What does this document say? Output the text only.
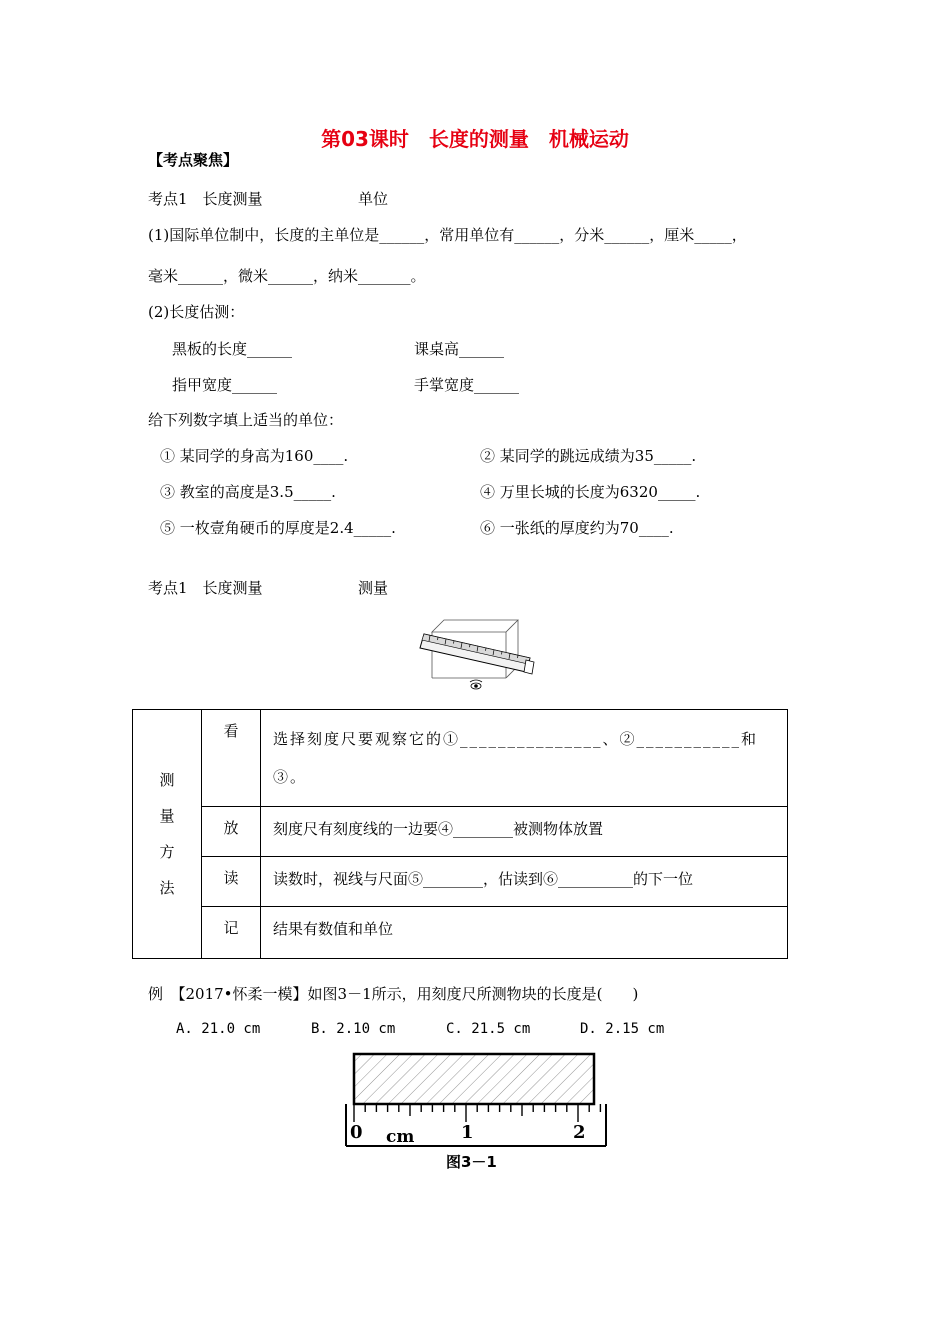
第03课时　长度的测量　机械运动
【考点聚焦】
考点1　长度测量	单位
(1)国际单位制中，长度的主单位是______，常用单位有______，分米______，厘米_____，
毫米______，微米______，纳米_______。
(2)长度估测：
黑板的长度______	课桌高______
指甲宽度______	手掌宽度______
给下列数字填上适当的单位：
① 某同学的身高为160____.	② 某同学的跳远成绩为35_____.
③ 教室的高度是3.5_____.	④ 万里长城的长度为6320_____.
⑤ 一枚壹角硬币的厚度是2.4_____.	⑥ 一张纸的厚度约为70____.
考点1　长度测量	测量
测量方法	看	选择刻度尺要观察它的①_______________、②___________和③。
	放	刻度尺有刻度线的一边要④________被测物体放置
	读	读数时，视线与尺面⑤________，估读到⑥__________的下一位
	记	结果有数值和单位
例　【2017•怀柔一模】如图3－1所示，用刻度尺所测物块的长度是(　　)
A. 21.0 cm	B. 2.10 cm	C. 21.5 cm	D. 2.15 cm
0 cm	1	2
图3－1
